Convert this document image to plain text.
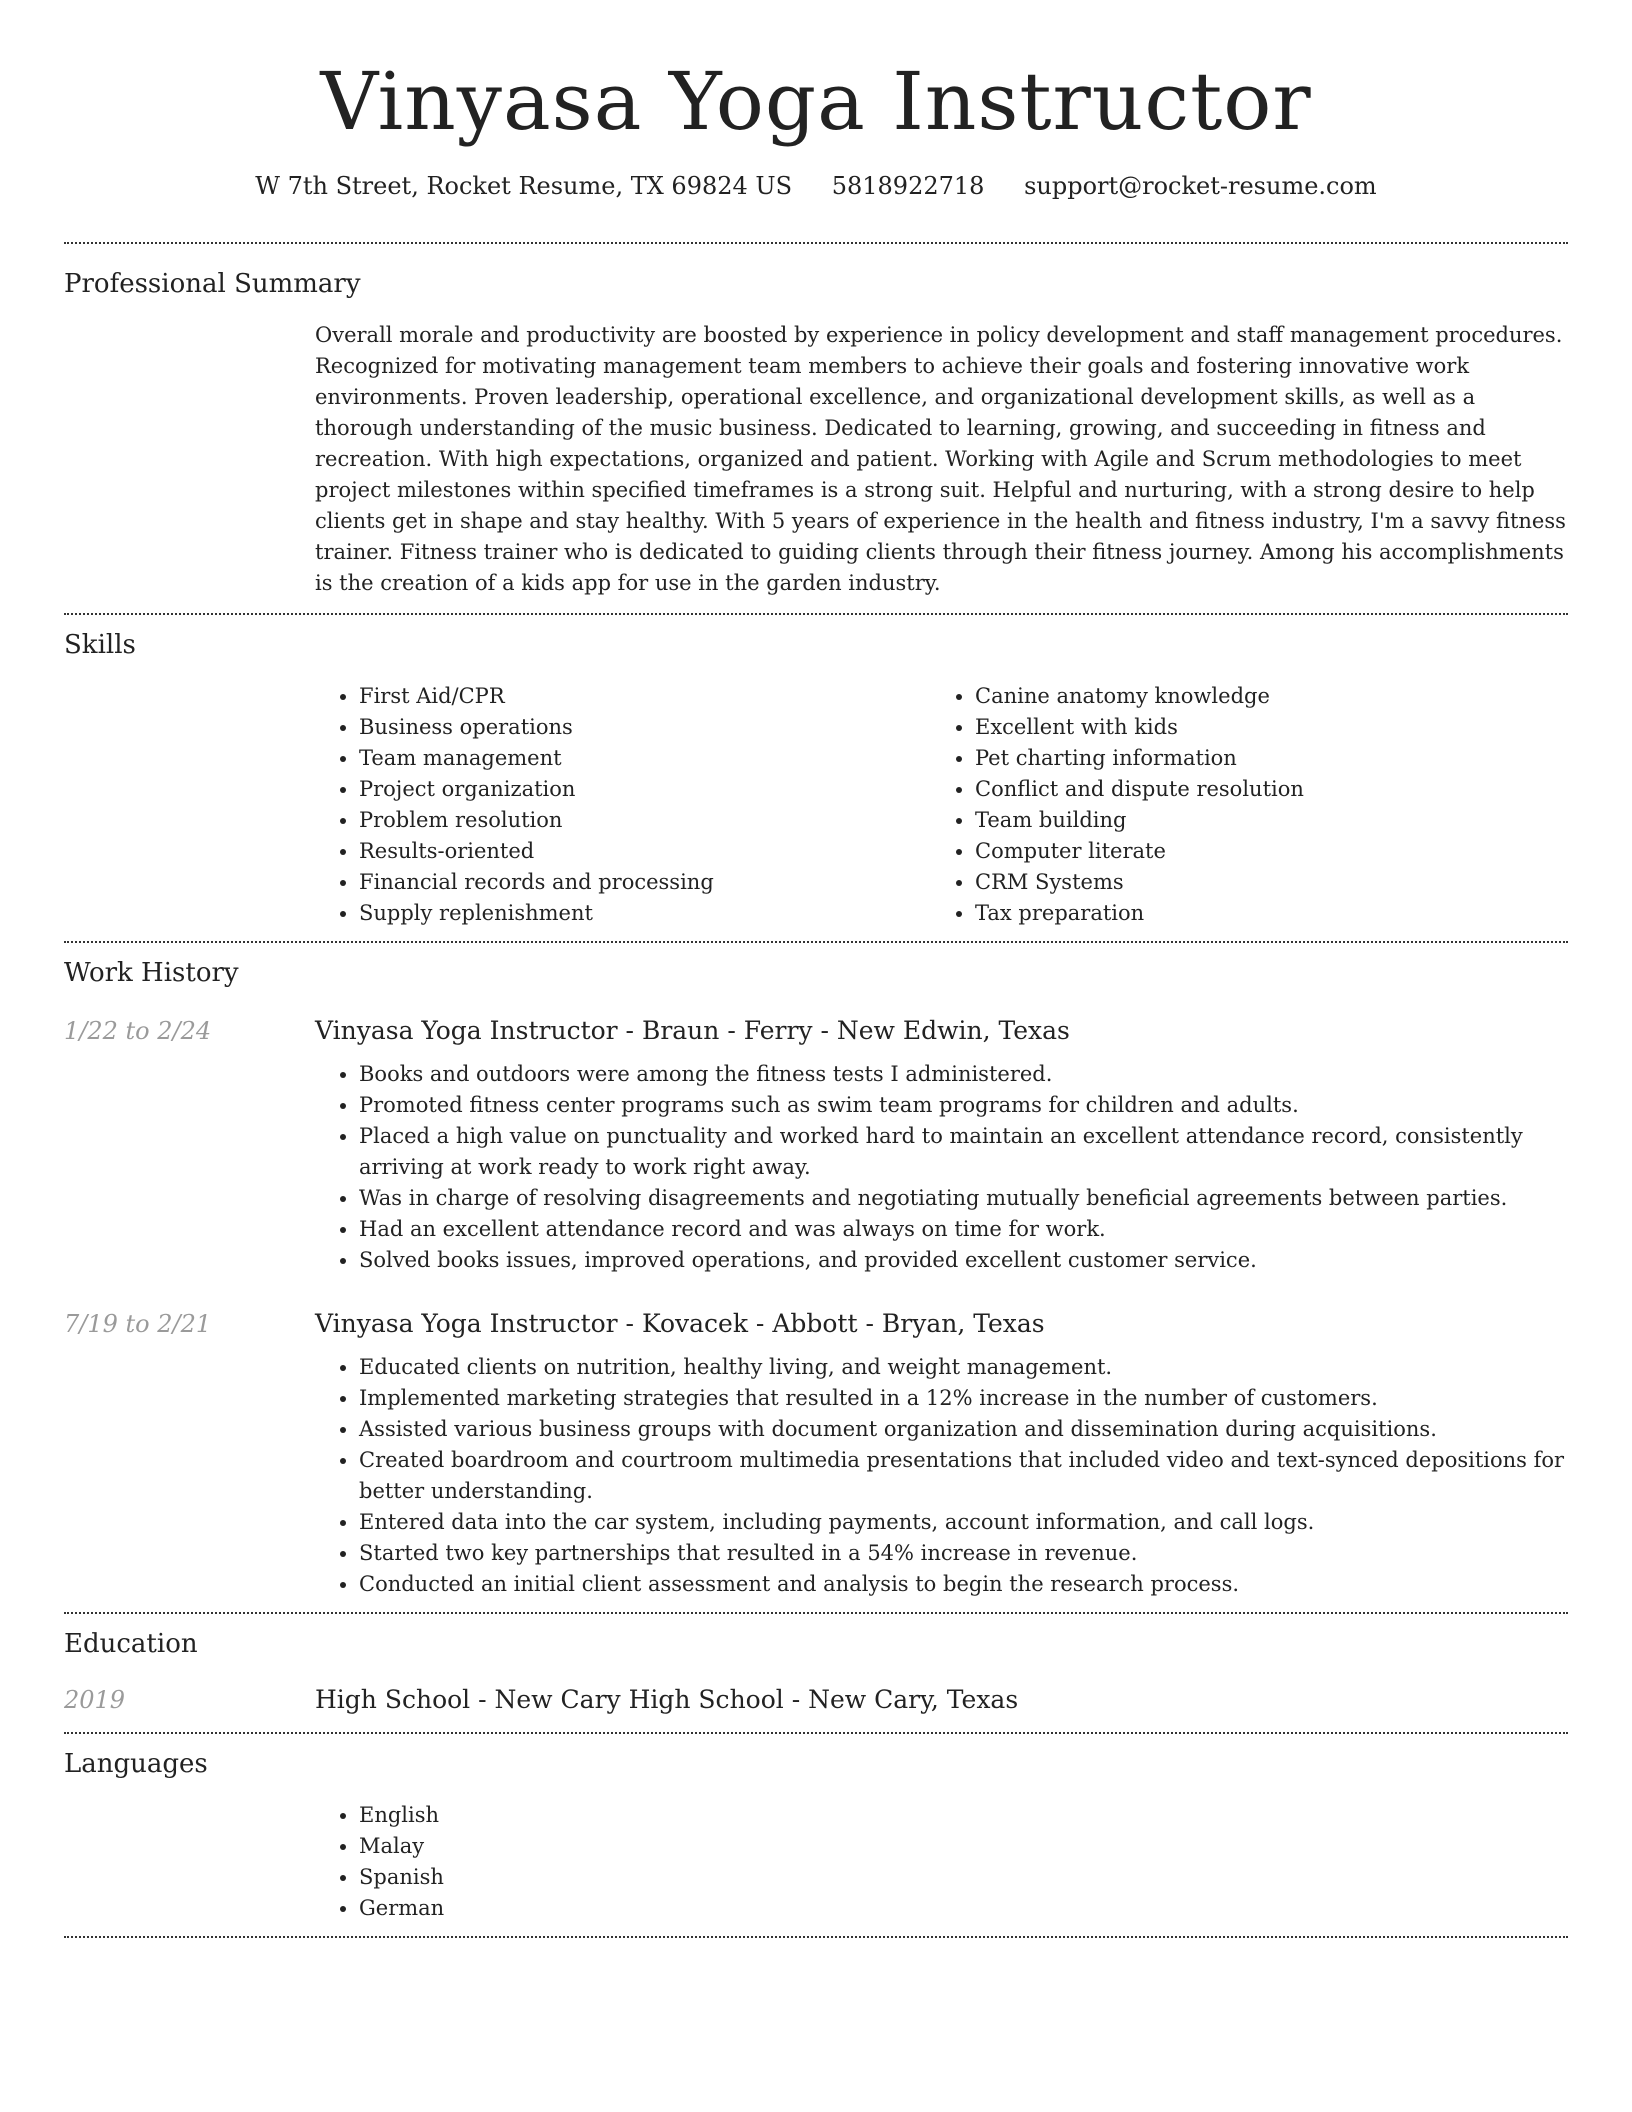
Vinyasa Yoga Instructor
W 7th Street, Rocket Resume, TX 69824 US 5818922718 support@rocket-resume.com
Professional Summary

Overall morale and productivity are boosted by experience in policy development and staff management procedures. Recognized for motivating management team members to achieve their goals and fostering innovative work environments. Proven leadership, operational excellence, and organizational development skills, as well as a thorough understanding of the music business. Dedicated to learning, growing, and succeeding in fitness and recreation. With high expectations, organized and patient. Working with Agile and Scrum methodologies to meet project milestones within specified timeframes is a strong suit. Helpful and nurturing, with a strong desire to help clients get in shape and stay healthy. With 5 years of experience in the health and fitness industry, I'm a savvy fitness trainer. Fitness trainer who is dedicated to guiding clients through their fitness journey. Among his accomplishments is the creation of a kids app for use in the garden industry.

Skills
• First Aid/CPR
• Business operations
• Team management
• Project organization
• Problem resolution
• Results-oriented
• Financial records and processing
• Supply replenishment
• Canine anatomy knowledge
• Excellent with kids
• Pet charting information
• Conflict and dispute resolution
• Team building
• Computer literate
• CRM Systems
• Tax preparation
Work History
1/22 to 2/24	Vinyasa Yoga Instructor - Braun - Ferry - New Edwin, Texas
• Books and outdoors were among the fitness tests I administered.
• Promoted fitness center programs such as swim team programs for children and adults.
• Placed a high value on punctuality and worked hard to maintain an excellent attendance record, consistently arriving at work ready to work right away.
• Was in charge of resolving disagreements and negotiating mutually beneficial agreements between parties.
• Had an excellent attendance record and was always on time for work.
• Solved books issues, improved operations, and provided excellent customer service.
7/19 to 2/21	Vinyasa Yoga Instructor - Kovacek - Abbott - Bryan, Texas
• Educated clients on nutrition, healthy living, and weight management.
• Implemented marketing strategies that resulted in a 12% increase in the number of customers.
• Assisted various business groups with document organization and dissemination during acquisitions.
• Created boardroom and courtroom multimedia presentations that included video and text-synced depositions for better understanding.
• Entered data into the car system, including payments, account information, and call logs.
• Started two key partnerships that resulted in a 54% increase in revenue.
• Conducted an initial client assessment and analysis to begin the research process.
Education
2019	High School - New Cary High School - New Cary, Texas
Languages
• English
• Malay
• Spanish
• German
